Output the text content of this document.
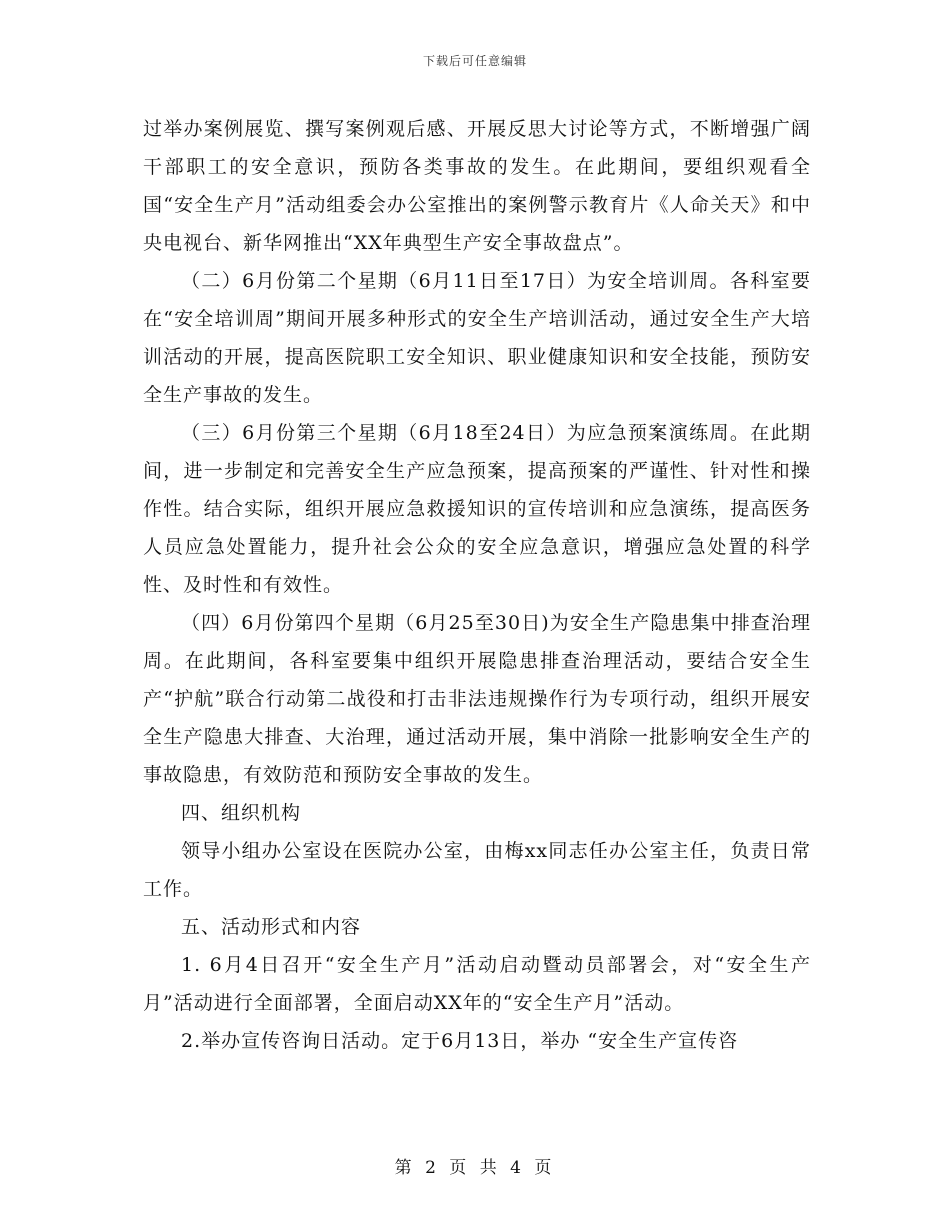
下载后可任意编辑

过举办案例展览、撰写案例观后感、开展反思大讨论等方式，不断增强广阔干部职工的安全意识，预防各类事故的发生。在此期间，要组织观看全国“安全生产月”活动组委会办公室推出的案例警示教育片《人命关天》和中央电视台、新华网推出“XX年典型生产安全事故盘点”。

（二）6月份第二个星期（6月11日至17日）为安全培训周。各科室要在“安全培训周”期间开展多种形式的安全生产培训活动，通过安全生产大培训活动的开展，提高医院职工安全知识、职业健康知识和安全技能，预防安全生产事故的发生。

（三）6月份第三个星期（6月18至24日）为应急预案演练周。在此期间，进一步制定和完善安全生产应急预案，提高预案的严谨性、针对性和操作性。结合实际，组织开展应急救援知识的宣传培训和应急演练，提高医务人员应急处置能力，提升社会公众的安全应急意识，增强应急处置的科学性、及时性和有效性。

（四）6月份第四个星期（6月25至30日)为安全生产隐患集中排查治理周。在此期间，各科室要集中组织开展隐患排查治理活动，要结合安全生产“护航”联合行动第二战役和打击非法违规操作行为专项行动，组织开展安全生产隐患大排查、大治理，通过活动开展，集中消除一批影响安全生产的事故隐患，有效防范和预防安全事故的发生。

四、组织机构

领导小组办公室设在医院办公室，由梅xx同志任办公室主任，负责日常工作。

五、活动形式和内容

1. 6月4日召开“安全生产月”活动启动暨动员部署会，对“安全生产月”活动进行全面部署，全面启动XX年的“安全生产月”活动。

2.举办宣传咨询日活动。定于6月13日，举办 “安全生产宣传咨

第 2 页 共 4 页
